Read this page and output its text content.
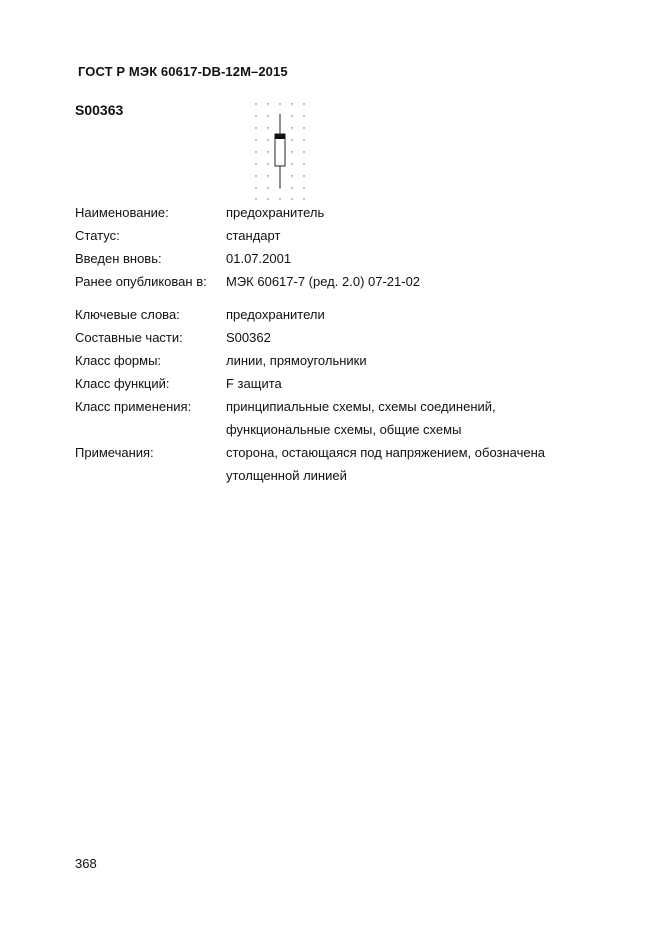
ГОСТ Р МЭК 60617-DB-12M–2015
S00363
Наименование:	предохранитель
Статус:	стандарт
Введен вновь:	01.07.2001
Ранее опубликован в: МЭК 60617-7 (ред. 2.0) 07-21-02
Ключевые слова:	предохранители
Составные части:	S00362
Класс формы:	линии, прямоугольники
Класс функций:	F защита
Класс применения:	принципиальные схемы, схемы соединений,
функциональные схемы, общие схемы
Примечания:	сторона, остающаяся под напряжением, обозначена
утолщенной линией
368
